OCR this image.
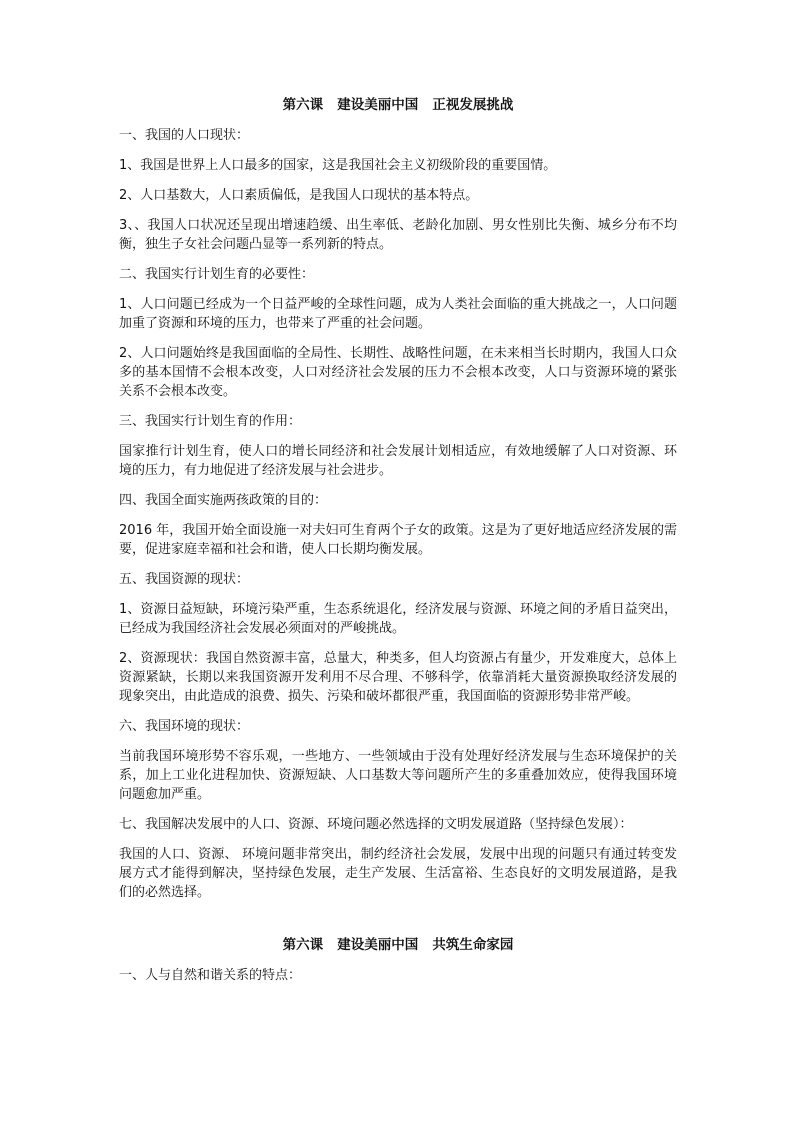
第六课   建设美丽中国   正视发展挑战
一、我国的人口现状：
1、我国是世界上人口最多的国家，这是我国社会主义初级阶段的重要国情。
2、人口基数大，人口素质偏低，是我国人口现状的基本特点。
3、、我国人口状况还呈现出增速趋缓、出生率低、老龄化加剧、男女性别比失衡、城乡分布不均衡，独生子女社会问题凸显等一系列新的特点。
二、我国实行计划生育的必要性：
1、人口问题已经成为一个日益严峻的全球性问题，成为人类社会面临的重大挑战之一，人口问题加重了资源和环境的压力，也带来了严重的社会问题。
2、人口问题始终是我国面临的全局性、长期性、战略性问题，在未来相当长时期内，我国人口众多的基本国情不会根本改变，人口对经济社会发展的压力不会根本改变，人口与资源环境的紧张关系不会根本改变。
三、我国实行计划生育的作用：
国家推行计划生育，使人口的增长同经济和社会发展计划相适应，有效地缓解了人口对资源、环境的压力，有力地促进了经济发展与社会进步。
四、我国全面实施两孩政策的目的：
2016 年，我国开始全面设施一对夫妇可生育两个子女的政策。这是为了更好地适应经济发展的需要，促进家庭幸福和社会和谐，使人口长期均衡发展。
五、我国资源的现状：
1、资源日益短缺，环境污染严重，生态系统退化，经济发展与资源、环境之间的矛盾日益突出，已经成为我国经济社会发展必须面对的严峻挑战。
2、资源现状：我国自然资源丰富，总量大，种类多，但人均资源占有量少，开发难度大，总体上资源紧缺，长期以来我国资源开发利用不尽合理、不够科学，依靠消耗大量资源换取经济发展的现象突出，由此造成的浪费、损失、污染和破坏都很严重，我国面临的资源形势非常严峻。
六、我国环境的现状：
当前我国环境形势不容乐观，一些地方、一些领域由于没有处理好经济发展与生态环境保护的关系，加上工业化进程加快、资源短缺、人口基数大等问题所产生的多重叠加效应，使得我国环境问题愈加严重。
七、我国解决发展中的人口、资源、环境问题必然选择的文明发展道路（坚持绿色发展）：
我国的人口、资源、 环境问题非常突出，制约经济社会发展，发展中出现的问题只有通过转变发展方式才能得到解决，坚持绿色发展，走生产发展、生活富裕、生态良好的文明发展道路，是我们的必然选择。
第六课   建设美丽中国   共筑生命家园
一、人与自然和谐关系的特点：
